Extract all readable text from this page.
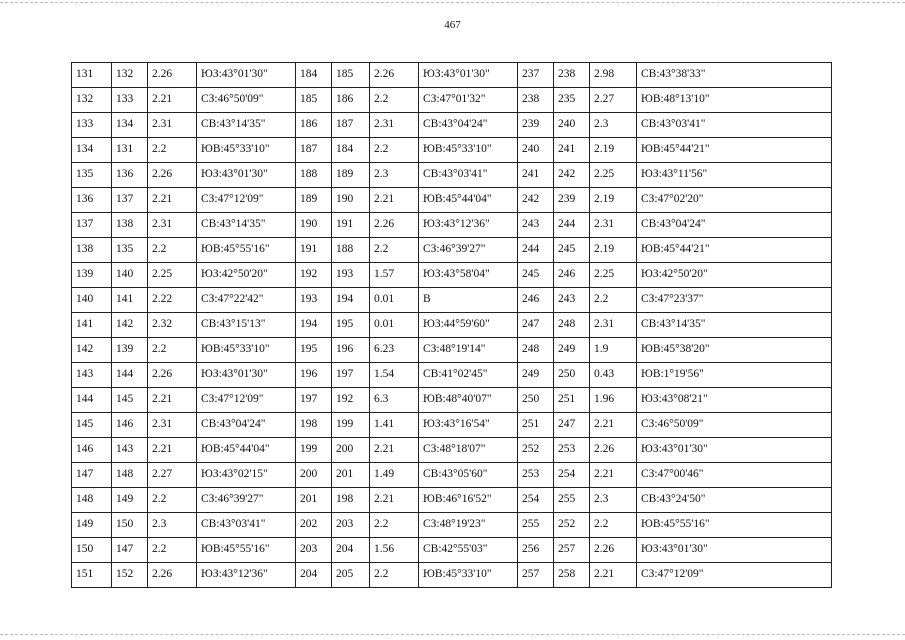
467
131	132	2.26	ЮЗ:43°01'30"	184	185	2.26	ЮЗ:43°01'30"	237	238	2.98	СВ:43°38'33"
132	133	2.21	СЗ:46°50'09"	185	186	2.2	СЗ:47°01'32"	238	235	2.27	ЮВ:48°13'10"
133	134	2.31	СВ:43°14'35"	186	187	2.31	СВ:43°04'24"	239	240	2.3	СВ:43°03'41"
134	131	2.2	ЮВ:45°33'10"	187	184	2.2	ЮВ:45°33'10"	240	241	2.19	ЮВ:45°44'21"
135	136	2.26	ЮЗ:43°01'30"	188	189	2.3	СВ:43°03'41"	241	242	2.25	ЮЗ:43°11'56"
136	137	2.21	СЗ:47°12'09"	189	190	2.21	ЮВ:45°44'04"	242	239	2.19	СЗ:47°02'20"
137	138	2.31	СВ:43°14'35"	190	191	2.26	ЮЗ:43°12'36"	243	244	2.31	СВ:43°04'24"
138	135	2.2	ЮВ:45°55'16"	191	188	2.2	СЗ:46°39'27"	244	245	2.19	ЮВ:45°44'21"
139	140	2.25	ЮЗ:42°50'20"	192	193	1.57	ЮЗ:43°58'04"	245	246	2.25	ЮЗ:42°50'20"
140	141	2.22	СЗ:47°22'42"	193	194	0.01	В	246	243	2.2	СЗ:47°23'37"
141	142	2.32	СВ:43°15'13"	194	195	0.01	ЮЗ:44°59'60"	247	248	2.31	СВ:43°14'35"
142	139	2.2	ЮВ:45°33'10"	195	196	6.23	СЗ:48°19'14"	248	249	1.9	ЮВ:45°38'20"
143	144	2.26	ЮЗ:43°01'30"	196	197	1.54	СВ:41°02'45"	249	250	0.43	ЮВ:1°19'56"
144	145	2.21	СЗ:47°12'09"	197	192	6.3	ЮВ:48°40'07"	250	251	1.96	ЮЗ:43°08'21"
145	146	2.31	СВ:43°04'24"	198	199	1.41	ЮЗ:43°16'54"	251	247	2.21	СЗ:46°50'09"
146	143	2.21	ЮВ:45°44'04"	199	200	2.21	СЗ:48°18'07"	252	253	2.26	ЮЗ:43°01'30"
147	148	2.27	ЮЗ:43°02'15"	200	201	1.49	СВ:43°05'60"	253	254	2.21	СЗ:47°00'46"
148	149	2.2	СЗ:46°39'27"	201	198	2.21	ЮВ:46°16'52"	254	255	2.3	СВ:43°24'50"
149	150	2.3	СВ:43°03'41"	202	203	2.2	СЗ:48°19'23"	255	252	2.2	ЮВ:45°55'16"
150	147	2.2	ЮВ:45°55'16"	203	204	1.56	СВ:42°55'03"	256	257	2.26	ЮЗ:43°01'30"
151	152	2.26	ЮЗ:43°12'36"	204	205	2.2	ЮВ:45°33'10"	257	258	2.21	СЗ:47°12'09"
